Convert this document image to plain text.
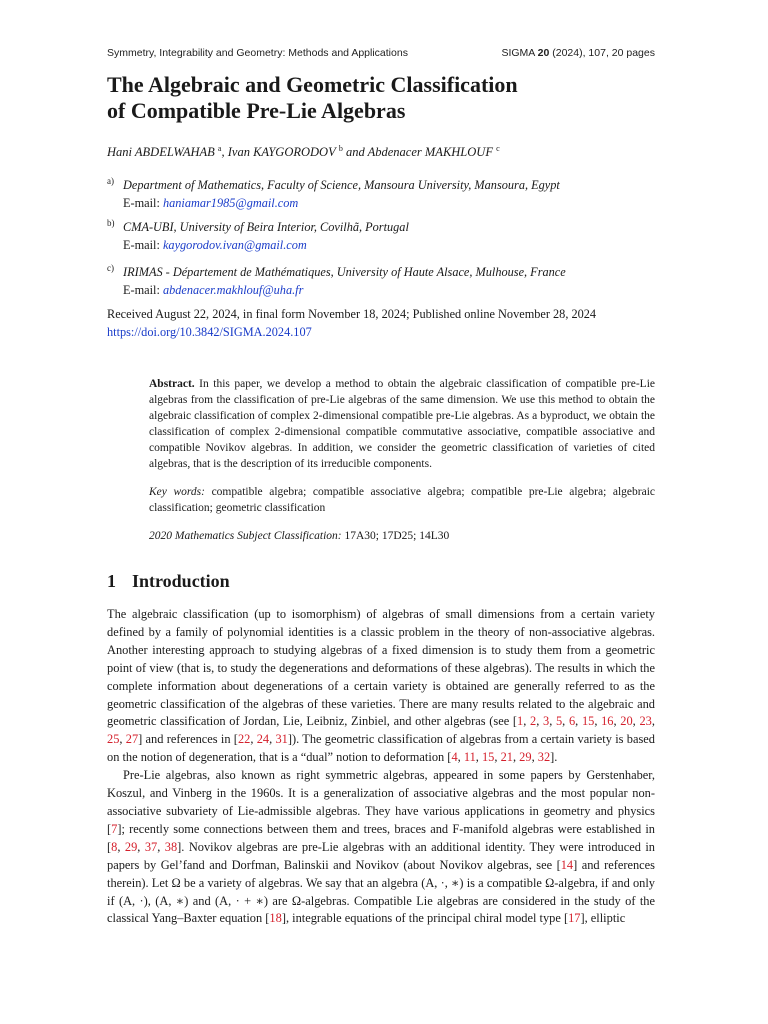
Symmetry, Integrability and Geometry: Methods and Applications	SIGMA 20 (2024), 107, 20 pages
The Algebraic and Geometric Classification
of Compatible Pre-Lie Algebras
Hani ABDELWAHAB $^a$, Ivan KAYGORODOV $^b$ and Abdenacer MAKHLOUF $^c$
a) Department of Mathematics, Faculty of Science, Mansoura University, Mansoura, Egypt
E-mail: haniamar1985@gmail.com
b) CMA-UBI, University of Beira Interior, Covilhã, Portugal
E-mail: kaygorodov.ivan@gmail.com
c) IRIMAS - Département de Mathématiques, University of Haute Alsace, Mulhouse, France
E-mail: abdenacer.makhlouf@uha.fr
Received August 22, 2024, in final form November 18, 2024; Published online November 28, 2024
https://doi.org/10.3842/SIGMA.2024.107

Abstract. In this paper, we develop a method to obtain the algebraic classification of compatible pre-Lie algebras from the classification of pre-Lie algebras of the same dimension. We use this method to obtain the algebraic classification of complex 2-dimensional compatible pre-Lie algebras. As a byproduct, we obtain the classification of complex 2-dimensional compatible commutative associative, compatible associative and compatible Novikov algebras. In addition, we consider the geometric classification of varieties of cited algebras, that is the description of its irreducible components.

Key words: compatible algebra; compatible associative algebra; compatible pre-Lie algebra; algebraic classification; geometric classification

2020 Mathematics Subject Classification: 17A30; 17D25; 14L30

1 Introduction

The algebraic classification (up to isomorphism) of algebras of small dimensions from a certain variety defined by a family of polynomial identities is a classic problem in the theory of non-associative algebras. Another interesting approach to studying algebras of a fixed dimension is to study them from a geometric point of view (that is, to study the degenerations and deformations of these algebras). The results in which the complete information about degenerations of a certain variety is obtained are generally referred to as the geometric classification of the algebras of these varieties. There are many results related to the algebraic and geometric classification of Jordan, Lie, Leibniz, Zinbiel, and other algebras (see [1, 2, 3, 5, 6, 15, 16, 20, 23, 25, 27] and references in [22, 24, 31]). The geometric classification of algebras from a certain variety is based on the notion of degeneration, that is a “dual” notion to deformation [4, 11, 15, 21, 29, 32].

Pre-Lie algebras, also known as right symmetric algebras, appeared in some papers by Gerstenhaber, Koszul, and Vinberg in the 1960s. It is a generalization of associative algebras and the most popular non-associative subvariety of Lie-admissible algebras. They have various applications in geometry and physics [7]; recently some connections between them and trees, braces and F-manifold algebras were established in [8, 29, 37, 38]. Novikov algebras are pre-Lie algebras with an additional identity. They were introduced in papers by Gel’fand and Dorfman, Balinskii and Novikov (about Novikov algebras, see [14] and references therein). Let Ω be a variety of algebras. We say that an algebra (A, ·, ∗) is a compatible Ω-algebra, if and only if (A, ·), (A, ∗) and (A, · + ∗) are Ω-algebras. Compatible Lie algebras are considered in the study of the classical Yang–Baxter equation [18], integrable equations of the principal chiral model type [17], elliptic
